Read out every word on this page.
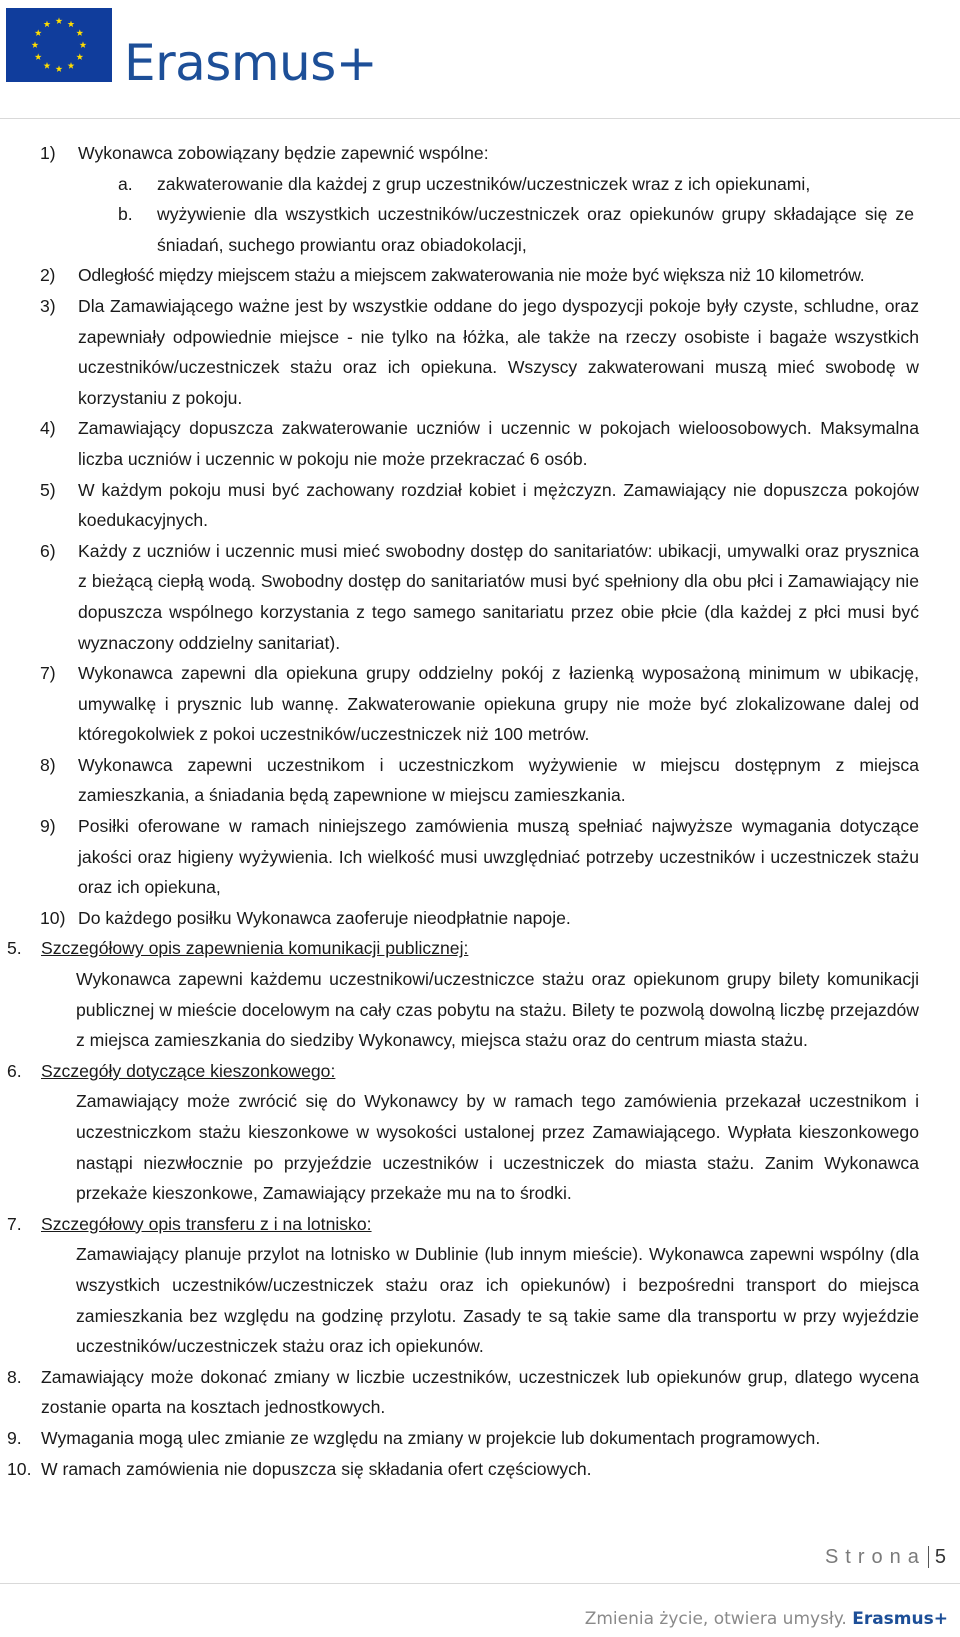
Erasmus+
1) Wykonawca zobowiązany będzie zapewnić wspólne:
a. zakwaterowanie dla każdej z grup uczestników/uczestniczek wraz z ich opiekunami,
b. wyżywienie dla wszystkich uczestników/uczestniczek oraz opiekunów grupy składające się ze śniadań, suchego prowiantu oraz obiadokolacji,
2) Odległość między miejscem stażu a miejscem zakwaterowania nie może być większa niż 10 kilometrów.
3) Dla Zamawiającego ważne jest by wszystkie oddane do jego dyspozycji pokoje były czyste, schludne, oraz zapewniały odpowiednie miejsce - nie tylko na łóżka, ale także na rzeczy osobiste i bagaże wszystkich uczestników/uczestniczek stażu oraz ich opiekuna. Wszyscy zakwaterowani muszą mieć swobodę w korzystaniu z pokoju.
4) Zamawiający dopuszcza zakwaterowanie uczniów i uczennic w pokojach wieloosobowych. Maksymalna liczba uczniów i uczennic w pokoju nie może przekraczać 6 osób.
5) W każdym pokoju musi być zachowany rozdział kobiet i mężczyzn. Zamawiający nie dopuszcza pokojów koedukacyjnych.
6) Każdy z uczniów i uczennic musi mieć swobodny dostęp do sanitariatów: ubikacji, umywalki oraz prysznica z bieżącą ciepłą wodą. Swobodny dostęp do sanitariatów musi być spełniony dla obu płci i Zamawiający nie dopuszcza wspólnego korzystania z tego samego sanitariatu przez obie płcie (dla każdej z płci musi być wyznaczony oddzielny sanitariat).
7) Wykonawca zapewni dla opiekuna grupy oddzielny pokój z łazienką wyposażoną minimum w ubikację, umywalkę i prysznic lub wannę. Zakwaterowanie opiekuna grupy nie może być zlokalizowane dalej od któregokolwiek z pokoi uczestników/uczestniczek niż 100 metrów.
8) Wykonawca zapewni uczestnikom i uczestniczkom wyżywienie w miejscu dostępnym z miejsca zamieszkania, a śniadania będą zapewnione w miejscu zamieszkania.
9) Posiłki oferowane w ramach niniejszego zamówienia muszą spełniać najwyższe wymagania dotyczące jakości oraz higieny wyżywienia. Ich wielkość musi uwzględniać potrzeby uczestników i uczestniczek stażu oraz ich opiekuna,
10) Do każdego posiłku Wykonawca zaoferuje nieodpłatnie napoje.
5. Szczegółowy opis zapewnienia komunikacji publicznej:
Wykonawca zapewni każdemu uczestnikowi/uczestniczce stażu oraz opiekunom grupy bilety komunikacji publicznej w mieście docelowym na cały czas pobytu na stażu. Bilety te pozwolą dowolną liczbę przejazdów z miejsca zamieszkania do siedziby Wykonawcy, miejsca stażu oraz do centrum miasta stażu.
6. Szczegóły dotyczące kieszonkowego:
Zamawiający może zwrócić się do Wykonawcy by w ramach tego zamówienia przekazał uczestnikom i uczestniczkom stażu kieszonkowe w wysokości ustalonej przez Zamawiającego. Wypłata kieszonkowego nastąpi niezwłocznie po przyjeździe uczestników i uczestniczek do miasta stażu. Zanim Wykonawca przekaże kieszonkowe, Zamawiający przekaże mu na to środki.
7. Szczegółowy opis transferu z i na lotnisko:
Zamawiający planuje przylot na lotnisko w Dublinie (lub innym mieście). Wykonawca zapewni wspólny (dla wszystkich uczestników/uczestniczek stażu oraz ich opiekunów) i bezpośredni transport do miejsca zamieszkania bez względu na godzinę przylotu. Zasady te są takie same dla transportu w przy wyjeździe uczestników/uczestniczek stażu oraz ich opiekunów.
8. Zamawiający może dokonać zmiany w liczbie uczestników, uczestniczek lub opiekunów grup, dlatego wycena zostanie oparta na kosztach jednostkowych.
9. Wymagania mogą ulec zmianie ze względu na zmiany w projekcie lub dokumentach programowych.
10. W ramach zamówienia nie dopuszcza się składania ofert częściowych.
Strona 5
Zmienia życie, otwiera umysły. Erasmus+
